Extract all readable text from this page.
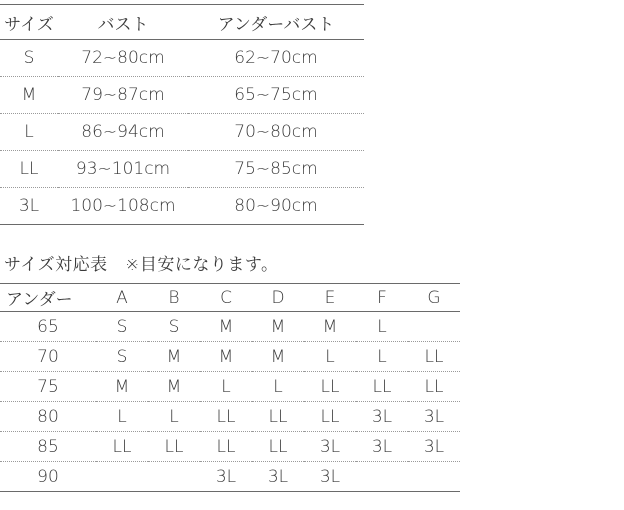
サイズ	バスト	アンダーバスト
S	72~80cm	62~70cm
M	79~87cm	65~75cm
L	86~94cm	70~80cm
LL	93~101cm	75~85cm
3L	100~108cm	80~90cm
サイズ対応表　※目安になります。
アンダー	A	B	C	D	E	F	G
65	S	S	M	M	M	L	
70	S	M	M	M	L	L	LL
75	M	M	L	L	LL	LL	LL
80	L	L	LL	LL	LL	3L	3L
85	LL	LL	LL	LL	3L	3L	3L
90			3L	3L	3L		
